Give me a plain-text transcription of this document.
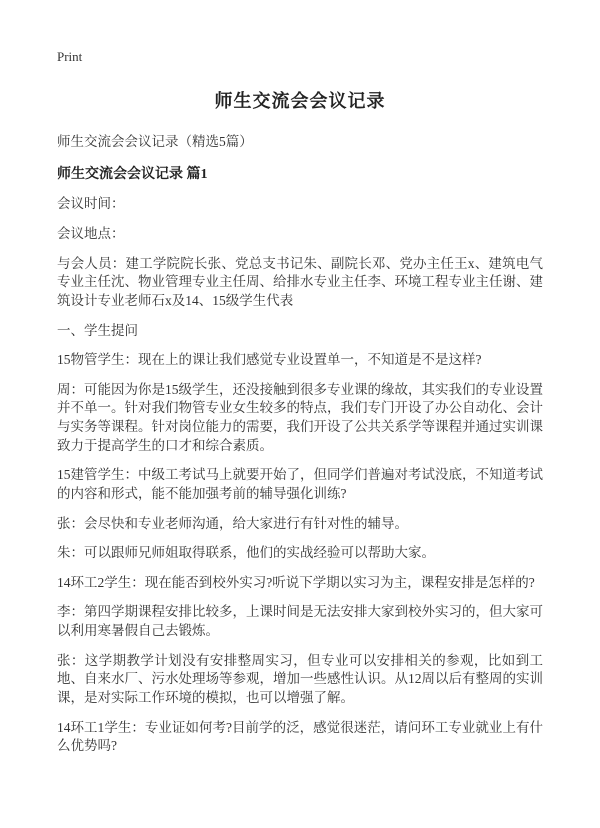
Print
师生交流会会议记录

师生交流会会议记录（精选5篇）

师生交流会会议记录 篇1

会议时间：

会议地点：

与会人员：建工学院院长张、党总支书记朱、副院长邓、党办主任王x、建筑电气专业主任沈、物业管理专业主任周、给排水专业主任李、环境工程专业主任谢、建筑设计专业老师石x及14、15级学生代表

一、学生提问

15物管学生：现在上的课让我们感觉专业设置单一，不知道是不是这样?

周：可能因为你是15级学生，还没接触到很多专业课的缘故，其实我们的专业设置并不单一。针对我们物管专业女生较多的特点，我们专门开设了办公自动化、会计与实务等课程。针对岗位能力的需要，我们开设了公共关系学等课程并通过实训课致力于提高学生的口才和综合素质。

15建管学生：中级工考试马上就要开始了，但同学们普遍对考试没底，不知道考试的内容和形式，能不能加强考前的辅导强化训练?

张：会尽快和专业老师沟通，给大家进行有针对性的辅导。

朱：可以跟师兄师姐取得联系，他们的实战经验可以帮助大家。

14环工2学生：现在能否到校外实习?听说下学期以实习为主，课程安排是怎样的?

李：第四学期课程安排比较多，上课时间是无法安排大家到校外实习的，但大家可以利用寒暑假自己去锻炼。

张：这学期教学计划没有安排整周实习，但专业可以安排相关的参观，比如到工地、自来水厂、污水处理场等参观，增加一些感性认识。从12周以后有整周的实训课，是对实际工作环境的模拟，也可以增强了解。

14环工1学生：专业证如何考?目前学的泛，感觉很迷茫，请问环工专业就业上有什么优势吗?
